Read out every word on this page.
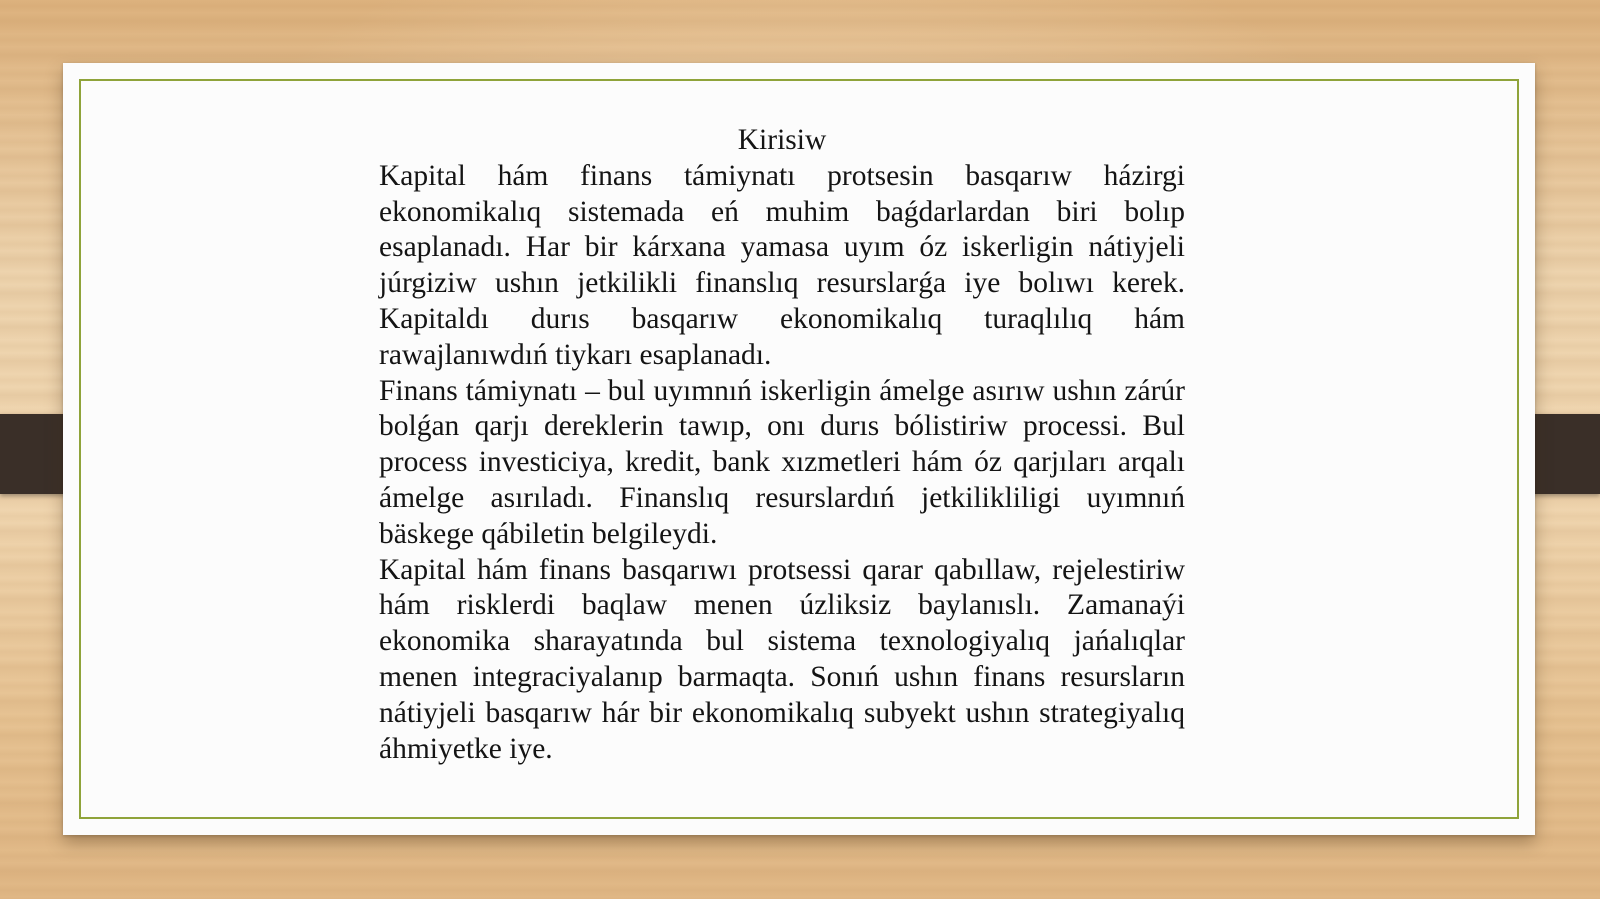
Kirisiw

Kapital hám finans támiynatı protsesin basqarıw házirgi ekonomikalıq sistemada eń muhim baǵdarlardan biri bolıp esaplanadı. Har bir kárxana yamasa uyım óz iskerligin nátiyjeli júrgiziw ushın jetkilikli finanslıq resurslarǵa iye bolıwı kerek. Kapitaldı durıs basqarıw ekonomikalıq turaqlılıq hám rawajlanıwdıń tiykarı esaplanadı.

Finans támiynatı – bul uyımnıń iskerligin ámelge asırıw ushın zárúr bolǵan qarjı dereklerin tawıp, onı durıs bólistiriw processi. Bul process investiciya, kredit, bank xızmetleri hám óz qarjıları arqalı ámelge asırıladı. Finanslıq resurslardıń jetkilikliligi uyımnıń bäskege qábiletin belgileydi.

Kapital hám finans basqarıwı protsessi qarar qabıllaw, rejelestiriw hám risklerdi baqlaw menen úzliksiz baylanıslı. Zamanaýi ekonomika sharayatında bul sistema texnologiyalıq jańalıqlar menen integraciyalanıp barmaqta. Sonıń ushın finans resursların nátiyjeli basqarıw hár bir ekonomikalıq subyekt ushın strategiyalıq áhmiyetke iye.
